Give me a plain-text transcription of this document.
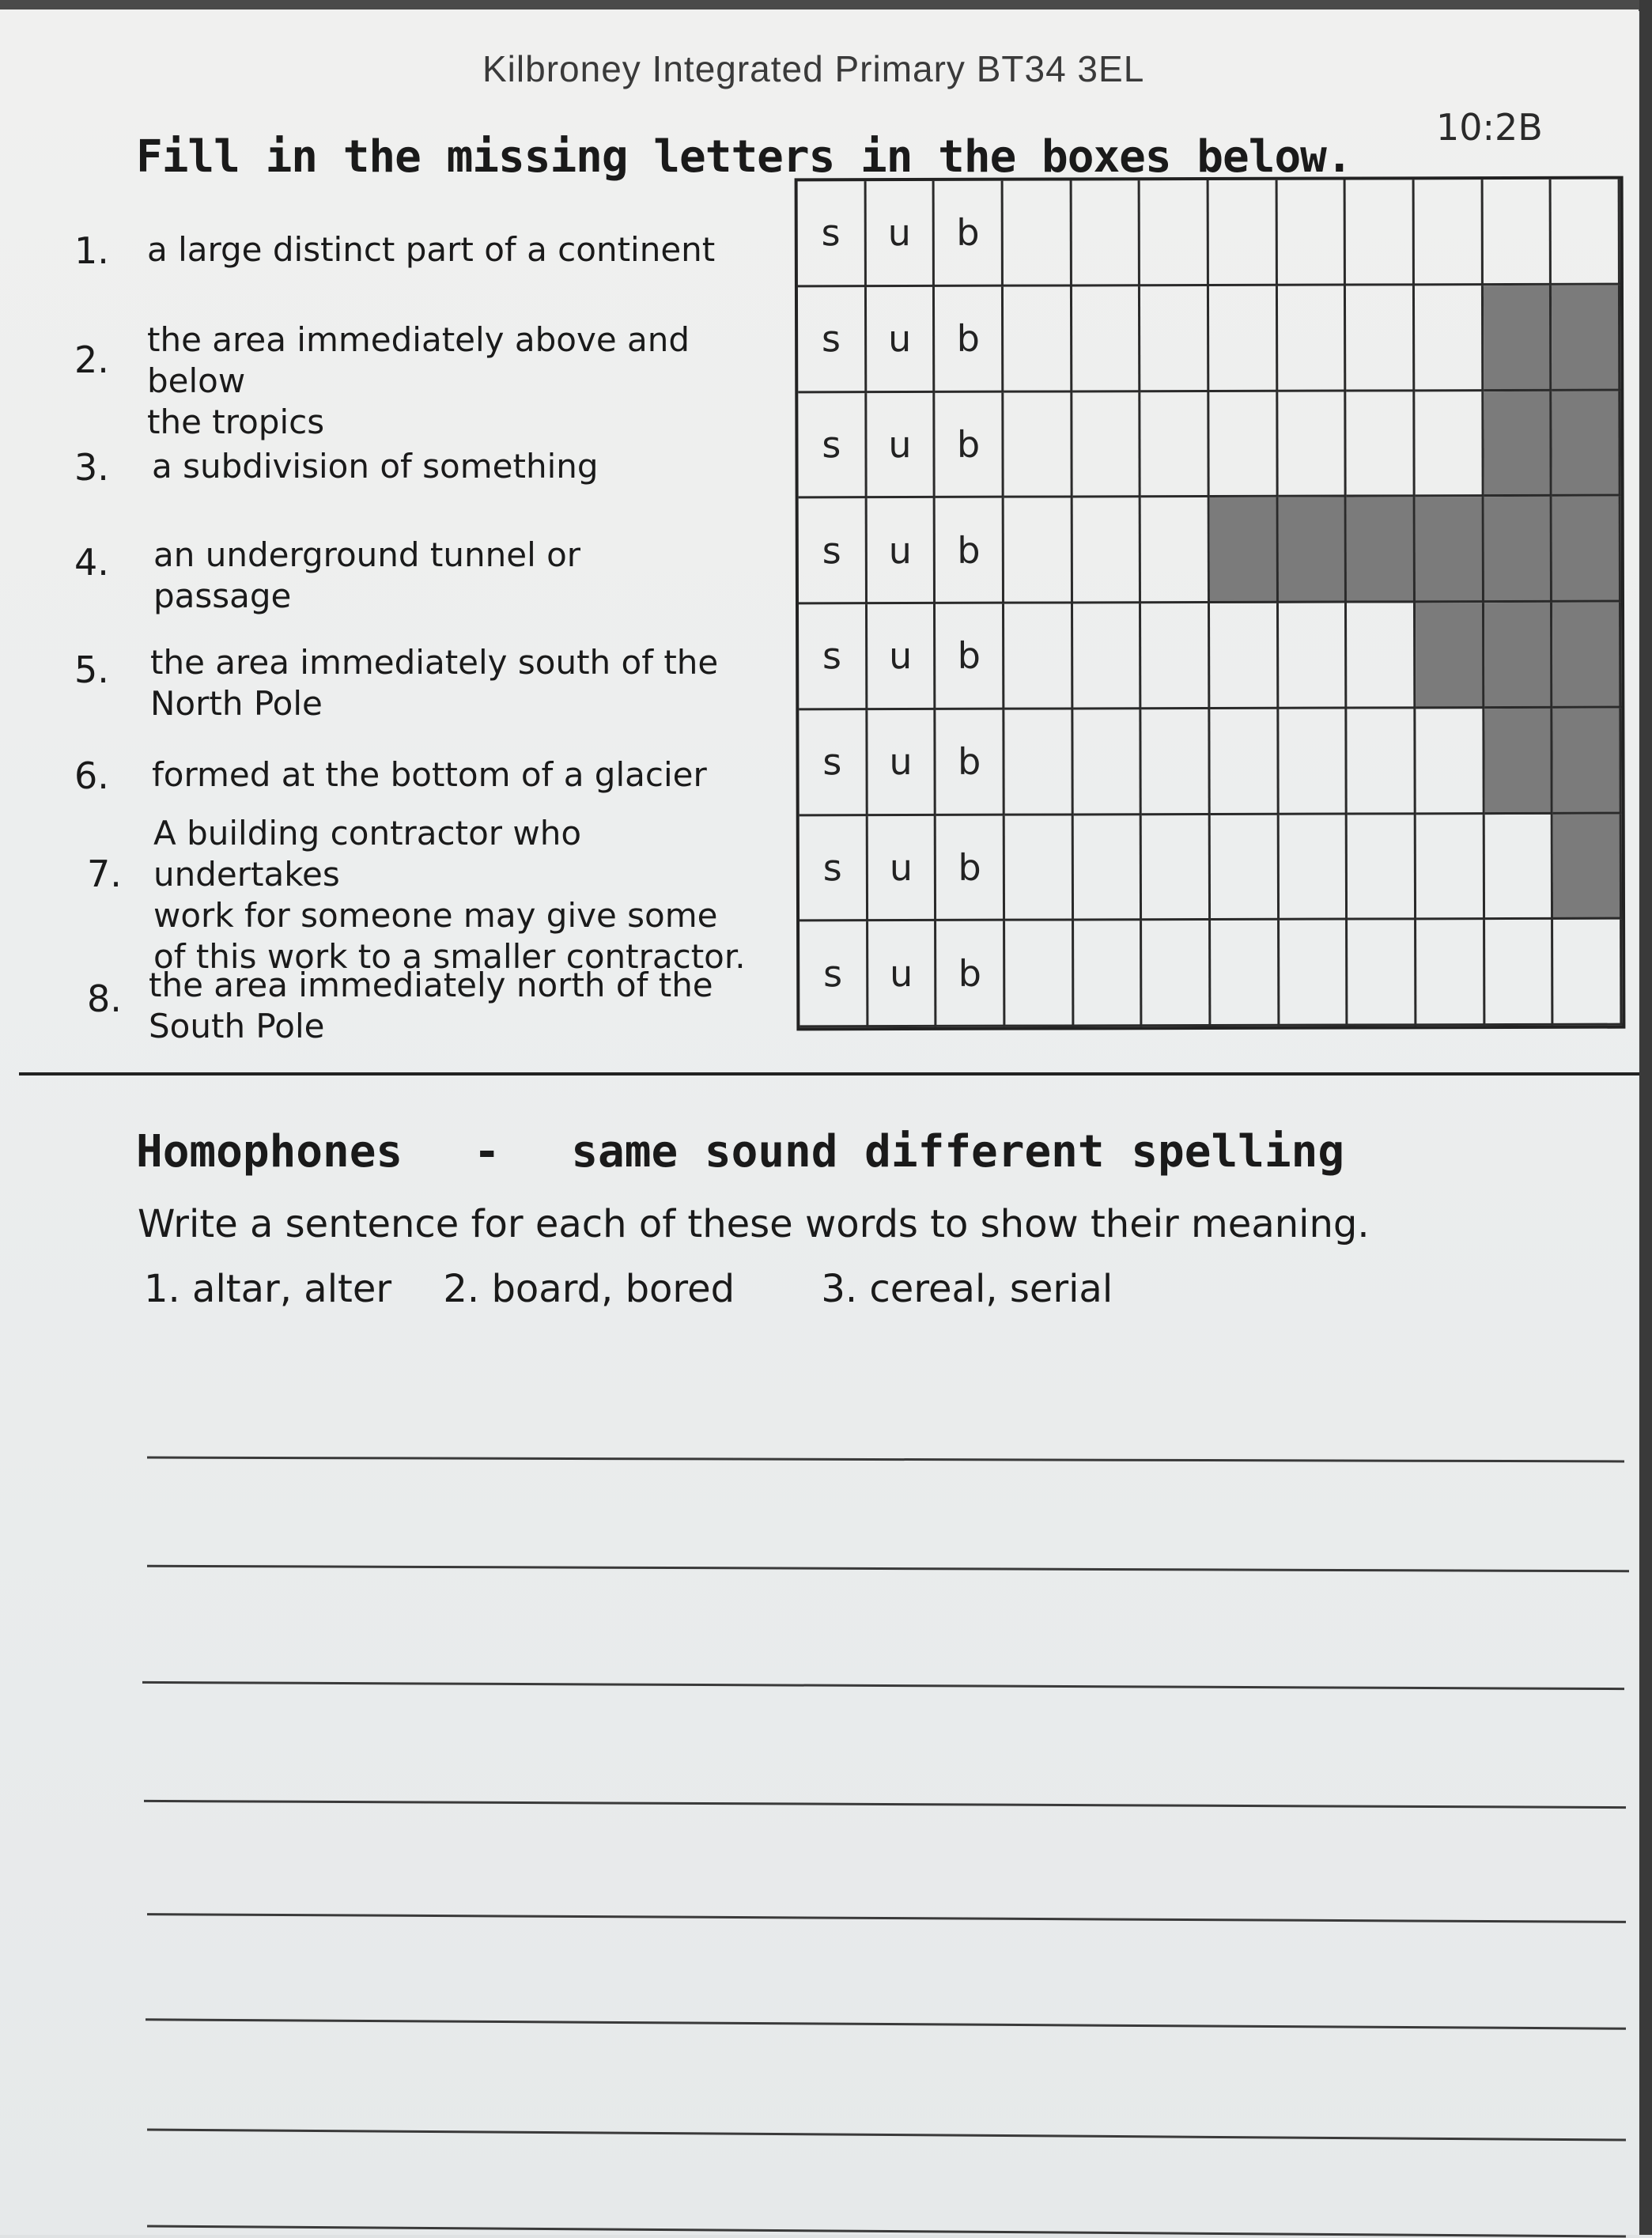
Kilbroney Integrated Primary BT34 3EL
10:2B
Fill in the missing letters in the boxes below.
1. a large distinct part of a continent
2. the area immediately above and below
the tropics
3. a subdivision of something
4. an underground tunnel or
passage
5. the area immediately south of the
North Pole
6. formed at the bottom of a glacier
7.
A building contractor who undertakes
work for someone may give some
of this work to a smaller contractor.
8. the area immediately north of the
South Pole
s	u	b
s	u	b
s	u	b
s	u	b
s	u	b
s	u	b
s	u	b
s	u	b
Homophones - same sound different spelling
Write a sentence for each of these words to show their meaning.
1. altar, alter 2. board, bored 3. cereal, serial
